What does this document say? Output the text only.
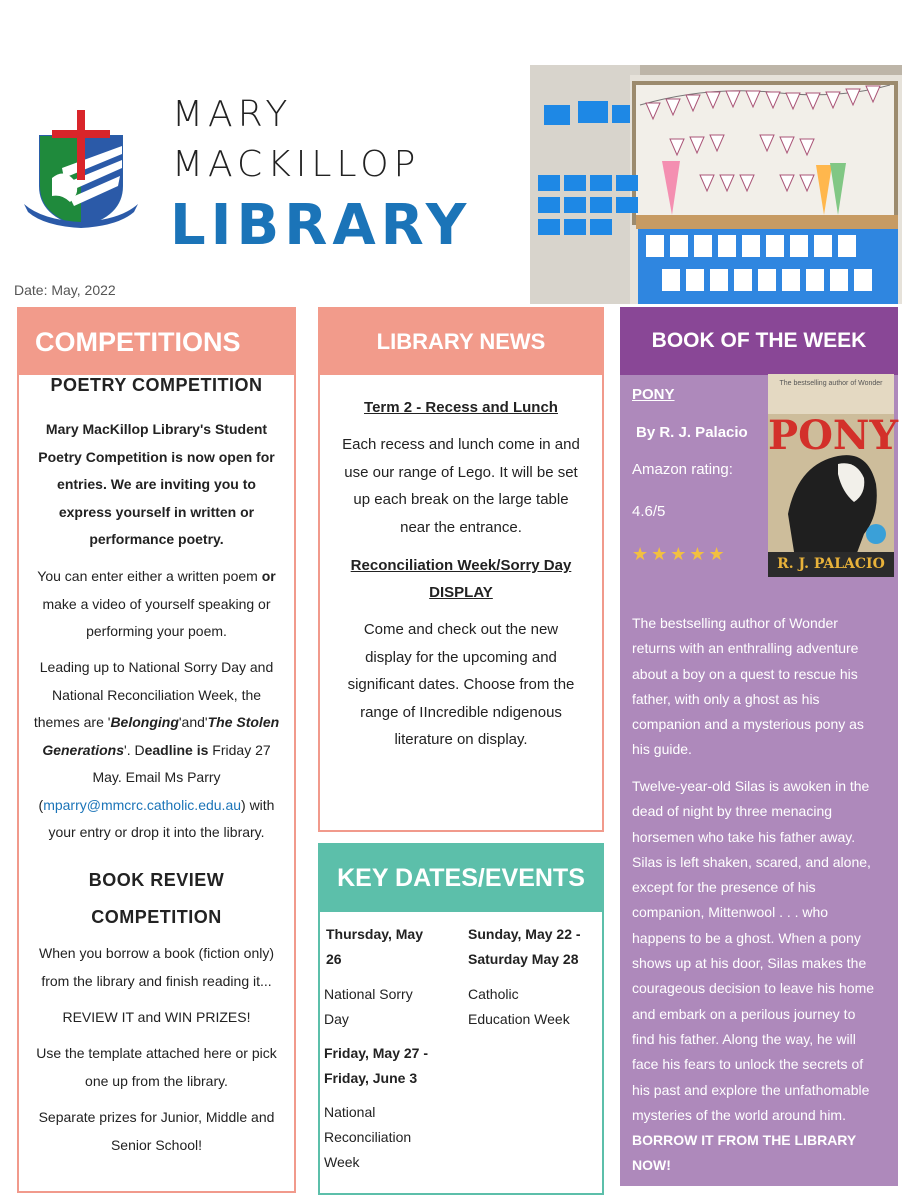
MARY
MACKILLOP
LIBRARY
Date: May, 2022
COMPETITIONS
POETRY COMPETITION
Mary MacKillop Library's Student
Poetry Competition is now open for
entries. We are inviting you to
express yourself in written or
performance poetry.
You can enter either a written poem or
make a video of yourself speaking or
performing your poem.
Leading up to National Sorry Day and
National Reconciliation Week, the
themes are 'Belonging'and'The Stolen
Generations'. Deadline is Friday 27
May. Email Ms Parry
(mparry@mmcrc.catholic.edu.au) with
your entry or drop it into the library.
BOOK REVIEW
COMPETITION
When you borrow a book (fiction only)
from the library and finish reading it...
REVIEW IT and WIN PRIZES!
Use the template attached here or pick
one up from the library.
Separate prizes for Junior, Middle and
Senior School!
LIBRARY NEWS
Term 2 - Recess and Lunch
Each recess and lunch come in and
use our range of Lego. It will be set
up each break on the large table
near the entrance.
Reconciliation Week/Sorry Day
DISPLAY
Come and check out the new
display for the upcoming and
significant dates. Choose from the
range of IIncredible ndigenous
literature on display.
KEY DATES/EVENTS
Thursday, May
26
National Sorry
Day
Friday, May 27 -
Friday, June 3
National
Reconciliation
Week
Sunday, May 22 -
Saturday May 28
Catholic
Education Week
BOOK OF THE WEEK
PONY
By R. J. Palacio
Amazon rating:
4.6/5
★★★★★
The bestselling author of Wonder
PONY
R. J. PALACIO
The bestselling author of Wonder
returns with an enthralling adventure
about a boy on a quest to rescue his
father, with only a ghost as his
companion and a mysterious pony as
his guide.
Twelve-year-old Silas is awoken in the
dead of night by three menacing
horsemen who take his father away.
Silas is left shaken, scared, and alone,
except for the presence of his
companion, Mittenwool . . . who
happens to be a ghost. When a pony
shows up at his door, Silas makes the
courageous decision to leave his home
and embark on a perilous journey to
find his father. Along the way, he will
face his fears to unlock the secrets of
his past and explore the unfathomable
mysteries of the world around him.
BORROW IT FROM THE LIBRARY
NOW!
